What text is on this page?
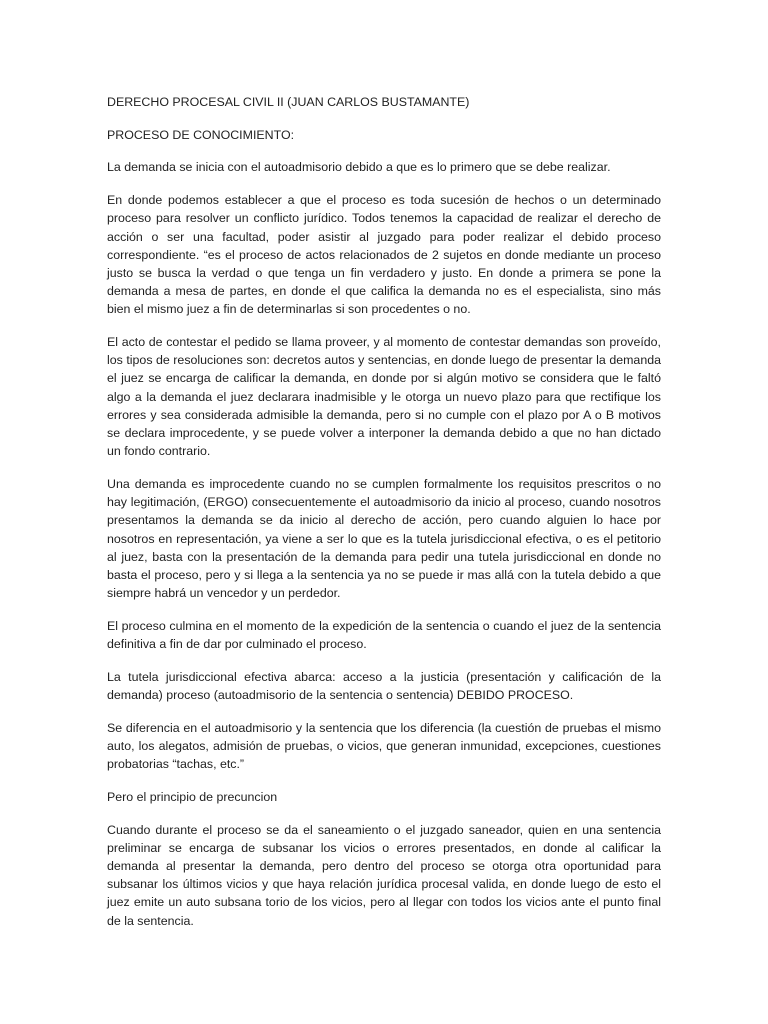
DERECHO PROCESAL CIVIL II (JUAN CARLOS BUSTAMANTE)

PROCESO DE CONOCIMIENTO:

La demanda se inicia con el autoadmisorio debido a que es lo primero que se debe realizar.

En donde podemos establecer a que el proceso es toda sucesión de hechos o un determinado proceso para resolver un conflicto jurídico. Todos tenemos la capacidad de realizar el derecho de acción o ser una facultad, poder asistir al juzgado para poder realizar el debido proceso correspondiente. “es el proceso de actos relacionados de 2 sujetos en donde mediante un proceso justo se busca la verdad o que tenga un fin verdadero y justo. En donde a primera se pone la demanda a mesa de partes, en donde el que califica la demanda no es el especialista, sino más bien el mismo juez a fin de determinarlas si son procedentes o no.

El acto de contestar el pedido se llama proveer, y al momento de contestar demandas son proveído, los tipos de resoluciones son: decretos autos y sentencias, en donde luego de presentar la demanda el juez se encarga de calificar la demanda, en donde por si algún motivo se considera que le faltó algo a la demanda el juez declarara inadmisible y le otorga un nuevo plazo para que rectifique los errores y sea considerada admisible la demanda, pero si no cumple con el plazo por A o B motivos se declara improcedente, y se puede volver a interponer la demanda debido a que no han dictado un fondo contrario.

Una demanda es improcedente cuando no se cumplen formalmente los requisitos prescritos o no hay legitimación, (ERGO) consecuentemente el autoadmisorio da inicio al proceso, cuando nosotros presentamos la demanda se da inicio al derecho de acción, pero cuando alguien lo hace por nosotros en representación, ya viene a ser lo que es la tutela jurisdiccional efectiva, o es el petitorio al juez, basta con la presentación de la demanda para pedir una tutela jurisdiccional en donde no basta el proceso, pero y si llega a la sentencia ya no se puede ir mas allá con la tutela debido a que siempre habrá un vencedor y un perdedor.

El proceso culmina en el momento de la expedición de la sentencia o cuando el juez de la sentencia definitiva a fin de dar por culminado el proceso.

La tutela jurisdiccional efectiva abarca: acceso a la justicia (presentación y calificación de la demanda) proceso (autoadmisorio de la sentencia o sentencia) DEBIDO PROCESO.

Se diferencia en el autoadmisorio y la sentencia que los diferencia (la cuestión de pruebas el mismo auto, los alegatos, admisión de pruebas, o vicios, que generan inmunidad, excepciones, cuestiones probatorias “tachas, etc.”

Pero el principio de precuncion

Cuando durante el proceso se da el saneamiento o el juzgado saneador, quien en una sentencia preliminar se encarga de subsanar los vicios o errores presentados, en donde al calificar la demanda al presentar la demanda, pero dentro del proceso se otorga otra oportunidad para subsanar los últimos vicios y que haya relación jurídica procesal valida, en donde luego de esto el juez emite un auto subsana torio de los vicios, pero al llegar con todos los vicios ante el punto final de la sentencia.
